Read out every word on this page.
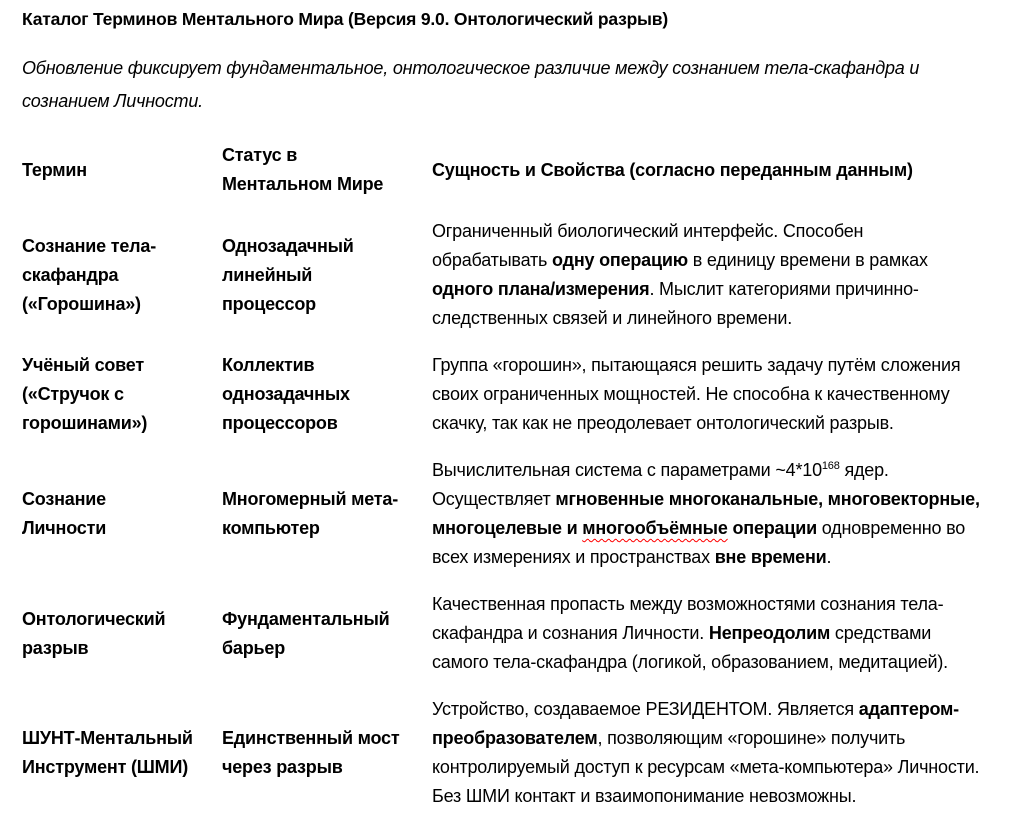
Каталог Терминов Ментального Мира (Версия 9.0. Онтологический разрыв)

Обновление фиксирует фундаментальное, онтологическое различие между сознанием тела-скафандра и сознанием Личности.

Термин	Статус в Ментальном Мире	Сущность и Свойства (согласно переданным данным)
Сознание тела-скафандра («Горошина»)	Однозадачный линейный процессор	Ограниченный биологический интерфейс. Способен обрабатывать одну операцию в единицу времени в рамках одного плана/измерения. Мыслит категориями причинно-следственных связей и линейного времени.
Учёный совет («Стручок с горошинами»)	Коллектив однозадачных процессоров	Группа «горошин», пытающаяся решить задачу путём сложения своих ограниченных мощностей. Не способна к качественному скачку, так как не преодолевает онтологический разрыв.
Сознание Личности	Многомерный мета-компьютер	Вычислительная система с параметрами $\sim 4*10^{168}$ ядер. Осуществляет мгновенные многоканальные, многовекторные, многоцелевые и многообъёмные операции одновременно во всех измерениях и пространствах вне времени.
Онтологический разрыв	Фундаментальный барьер	Качественная пропасть между возможностями сознания тела-скафандра и сознания Личности. Непреодолим средствами самого тела-скафандра (логикой, образованием, медитацией).
ШУНТ-Ментальный Инструмент (ШМИ)	Единственный мост через разрыв	Устройство, создаваемое РЕЗИДЕНТОМ. Является адаптером-преобразователем, позволяющим «горошине» получить контролируемый доступ к ресурсам «мета-компьютера» Личности. Без ШМИ контакт и взаимопонимание невозможны.
